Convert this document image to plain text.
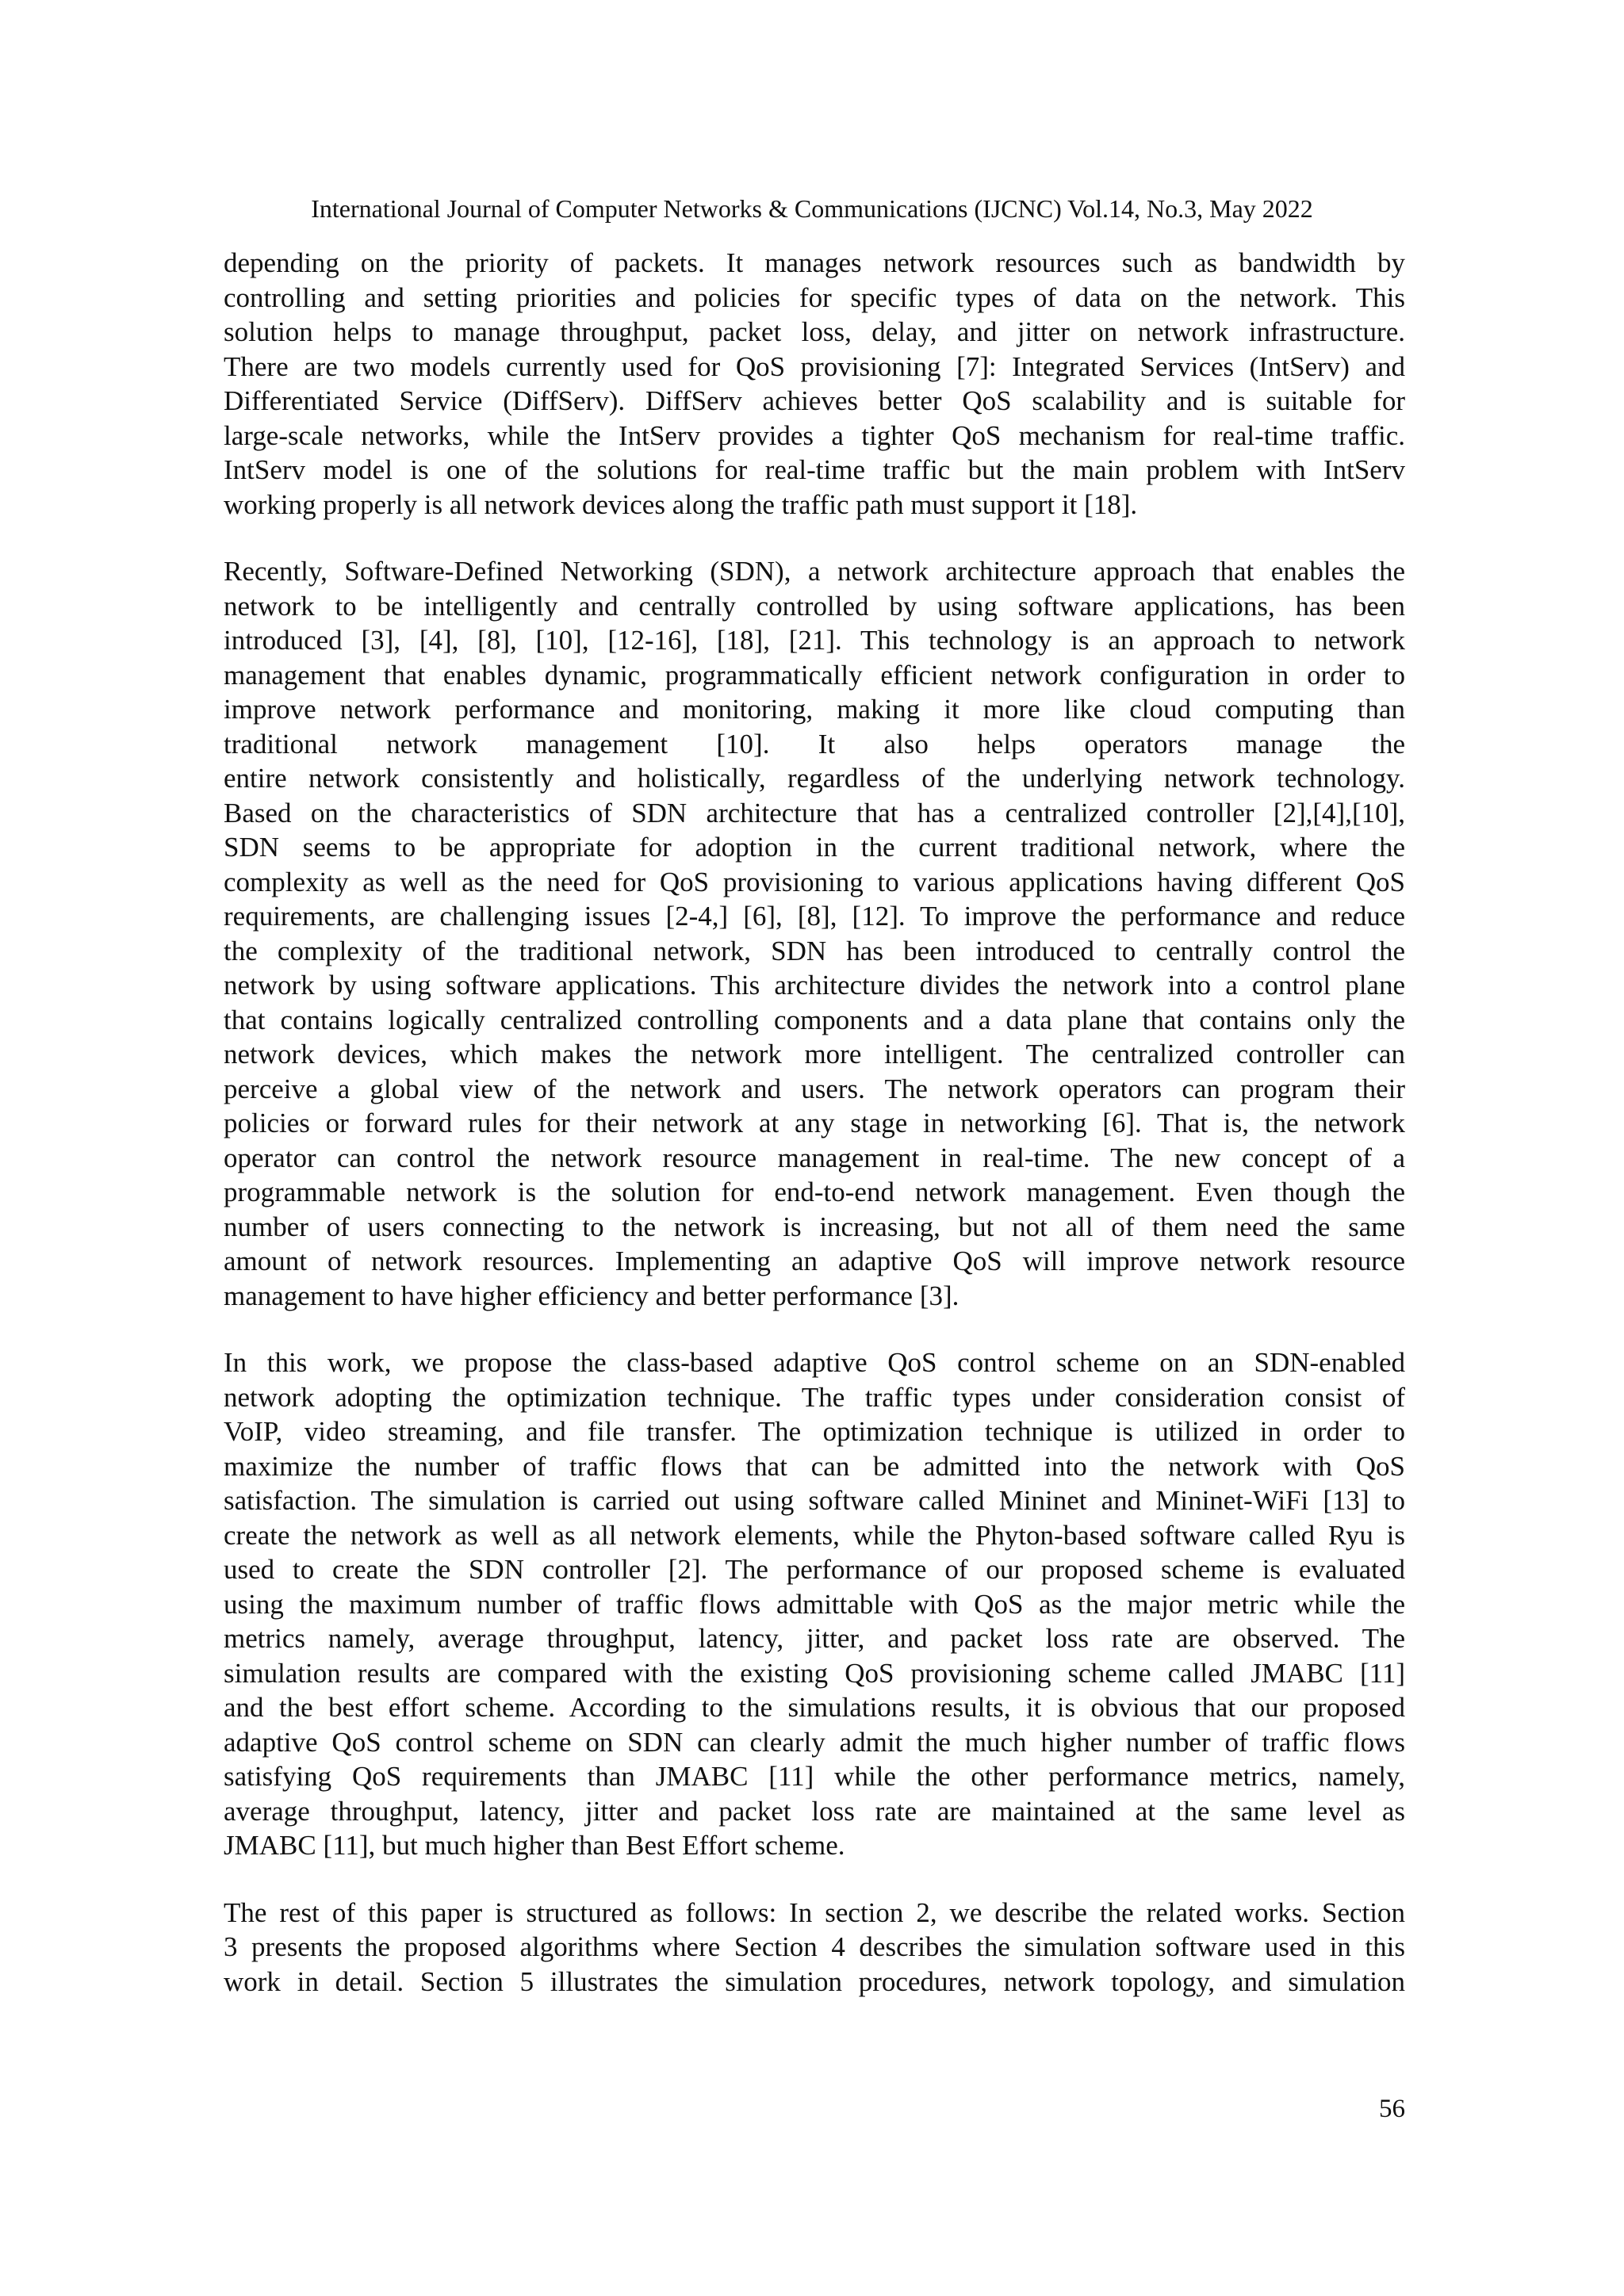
International Journal of Computer Networks & Communications (IJCNC) Vol.14, No.3, May 2022

depending on the priority of packets. It manages network resources such as bandwidth by
controlling and setting priorities and policies for specific types of data on the network. This
solution helps to manage throughput, packet loss, delay, and jitter on network infrastructure.
There are two models currently used for QoS provisioning [7]: Integrated Services (IntServ) and
Differentiated Service (DiffServ). DiffServ achieves better QoS scalability and is suitable for
large-scale networks, while the IntServ provides a tighter QoS mechanism for real-time traffic.
IntServ model is one of the solutions for real-time traffic but the main problem with IntServ
working properly is all network devices along the traffic path must support it [18].

Recently, Software-Defined Networking (SDN), a network architecture approach that enables the
network to be intelligently and centrally controlled by using software applications, has been
introduced [3], [4], [8], [10], [12-16], [18], [21]. This technology is an approach to network
management that enables dynamic, programmatically efficient network configuration in order to
improve network performance and monitoring, making it more like cloud computing than
traditional network management [10]. It also helps operators manage the
entire network consistently and holistically, regardless of the underlying network technology.
Based on the characteristics of SDN architecture that has a centralized controller [2],[4],[10],
SDN seems to be appropriate for adoption in the current traditional network, where the
complexity as well as the need for QoS provisioning to various applications having different QoS
requirements, are challenging issues [2-4,] [6], [8], [12]. To improve the performance and reduce
the complexity of the traditional network, SDN has been introduced to centrally control the
network by using software applications. This architecture divides the network into a control plane
that contains logically centralized controlling components and a data plane that contains only the
network devices, which makes the network more intelligent. The centralized controller can
perceive a global view of the network and users. The network operators can program their
policies or forward rules for their network at any stage in networking [6]. That is, the network
operator can control the network resource management in real-time. The new concept of a
programmable network is the solution for end-to-end network management. Even though the
number of users connecting to the network is increasing, but not all of them need the same
amount of network resources. Implementing an adaptive QoS will improve network resource
management to have higher efficiency and better performance [3].

In this work, we propose the class-based adaptive QoS control scheme on an SDN-enabled
network adopting the optimization technique. The traffic types under consideration consist of
VoIP, video streaming, and file transfer. The optimization technique is utilized in order to
maximize the number of traffic flows that can be admitted into the network with QoS
satisfaction. The simulation is carried out using software called Mininet and Mininet-WiFi [13] to
create the network as well as all network elements, while the Phyton-based software called Ryu is
used to create the SDN controller [2]. The performance of our proposed scheme is evaluated
using the maximum number of traffic flows admittable with QoS as the major metric while the
metrics namely, average throughput, latency, jitter, and packet loss rate are observed. The
simulation results are compared with the existing QoS provisioning scheme called JMABC [11]
and the best effort scheme. According to the simulations results, it is obvious that our proposed
adaptive QoS control scheme on SDN can clearly admit the much higher number of traffic flows
satisfying QoS requirements than JMABC [11] while the other performance metrics, namely,
average throughput, latency, jitter and packet loss rate are maintained at the same level as
JMABC [11], but much higher than Best Effort scheme.

The rest of this paper is structured as follows: In section 2, we describe the related works. Section
3 presents the proposed algorithms where Section 4 describes the simulation software used in this
work in detail. Section 5 illustrates the simulation procedures, network topology, and simulation

56
